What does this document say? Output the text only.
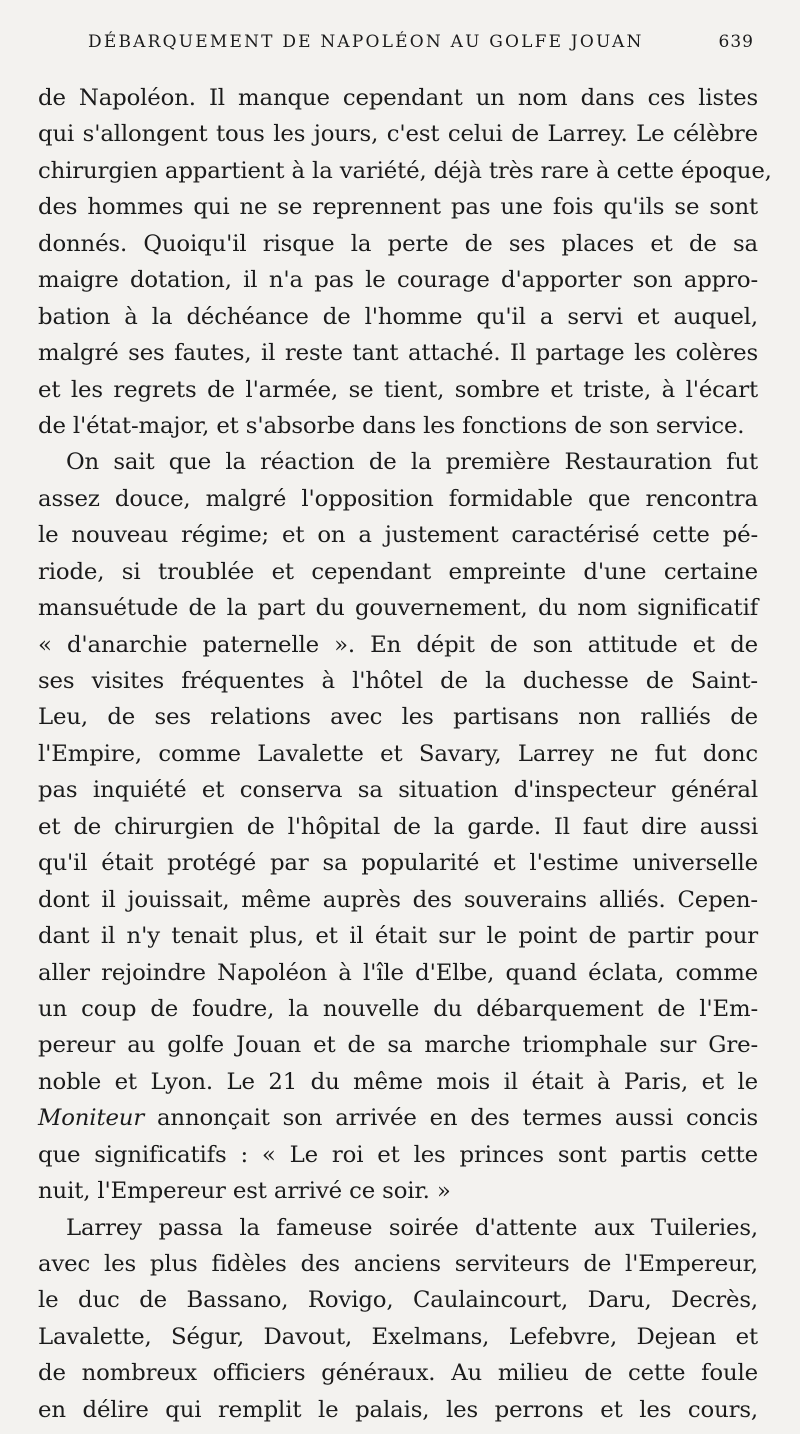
DÉBARQUEMENT DE NAPOLÉON AU GOLFE JOUAN	639
de Napoléon. Il manque cependant un nom dans ces listes
qui s'allongent tous les jours, c'est celui de Larrey. Le célèbre
chirurgien appartient à la variété, déjà très rare à cette époque,
des hommes qui ne se reprennent pas une fois qu'ils se sont
donnés. Quoiqu'il risque la perte de ses places et de sa
maigre dotation, il n'a pas le courage d'apporter son appro-
bation à la déchéance de l'homme qu'il a servi et auquel,
malgré ses fautes, il reste tant attaché. Il partage les colères
et les regrets de l'armée, se tient, sombre et triste, à l'écart
de l'état-major, et s'absorbe dans les fonctions de son service.
On sait que la réaction de la première Restauration fut
assez douce, malgré l'opposition formidable que rencontra
le nouveau régime; et on a justement caractérisé cette pé-
riode, si troublée et cependant empreinte d'une certaine
mansuétude de la part du gouvernement, du nom significatif
« d'anarchie paternelle ». En dépit de son attitude et de
ses visites fréquentes à l'hôtel de la duchesse de Saint-
Leu, de ses relations avec les partisans non ralliés de
l'Empire, comme Lavalette et Savary, Larrey ne fut donc
pas inquiété et conserva sa situation d'inspecteur général
et de chirurgien de l'hôpital de la garde. Il faut dire aussi
qu'il était protégé par sa popularité et l'estime universelle
dont il jouissait, même auprès des souverains alliés. Cepen-
dant il n'y tenait plus, et il était sur le point de partir pour
aller rejoindre Napoléon à l'île d'Elbe, quand éclata, comme
un coup de foudre, la nouvelle du débarquement de l'Em-
pereur au golfe Jouan et de sa marche triomphale sur Gre-
noble et Lyon. Le 21 du même mois il était à Paris, et le
Moniteur annonçait son arrivée en des termes aussi concis
que significatifs : « Le roi et les princes sont partis cette
nuit, l'Empereur est arrivé ce soir. »
Larrey passa la fameuse soirée d'attente aux Tuileries,
avec les plus fidèles des anciens serviteurs de l'Empereur,
le duc de Bassano, Rovigo, Caulaincourt, Daru, Decrès,
Lavalette, Ségur, Davout, Exelmans, Lefebvre, Dejean et
de nombreux officiers généraux. Au milieu de cette foule
en délire qui remplit le palais, les perrons et les cours,
